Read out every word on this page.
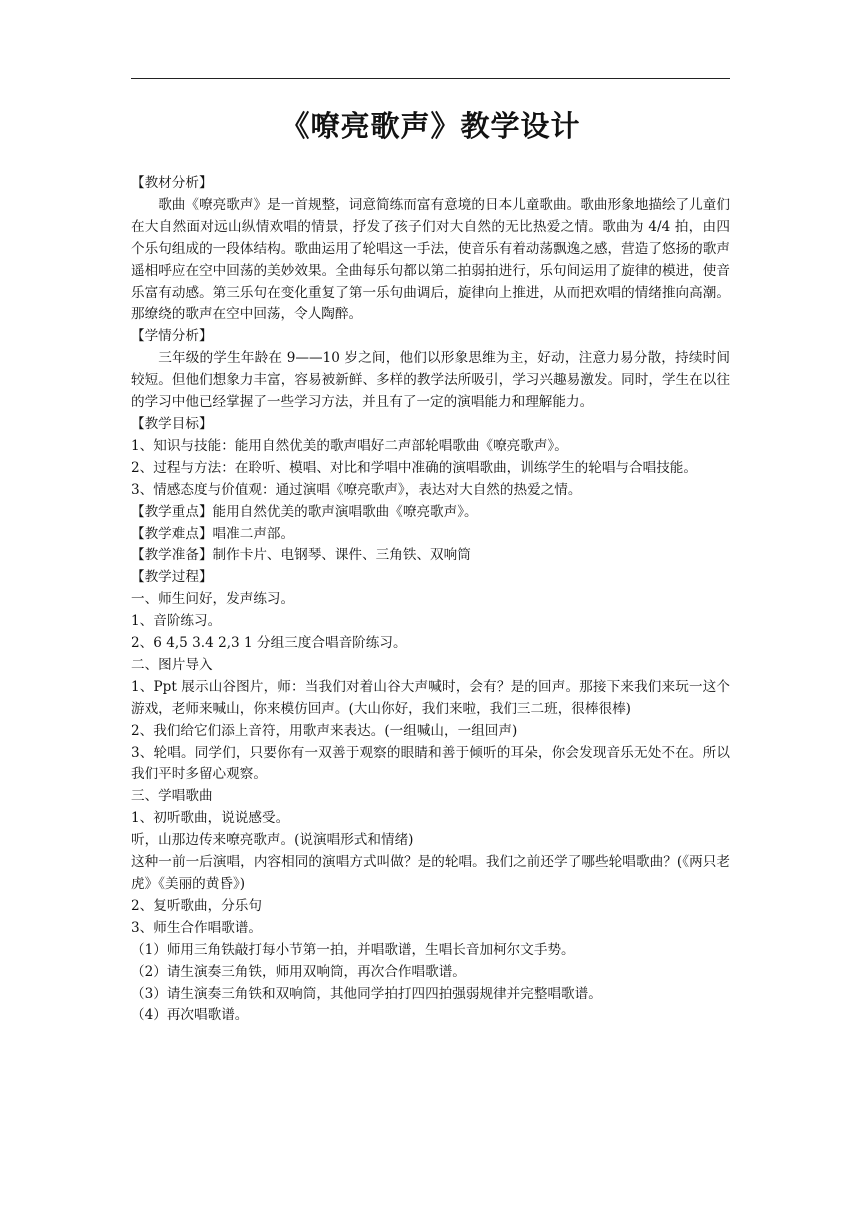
《嘹亮歌声》教学设计

【教材分析】

歌曲《嘹亮歌声》是一首规整，词意简练而富有意境的日本儿童歌曲。歌曲形象地描绘了儿童们在大自然面对远山纵情欢唱的情景，抒发了孩子们对大自然的无比热爱之情。歌曲为 4/4 拍，由四个乐句组成的一段体结构。歌曲运用了轮唱这一手法，使音乐有着动荡飘逸之感，营造了悠扬的歌声遥相呼应在空中回荡的美妙效果。全曲每乐句都以第二拍弱拍进行，乐句间运用了旋律的模进，使音乐富有动感。第三乐句在变化重复了第一乐句曲调后，旋律向上推进，从而把欢唱的情绪推向高潮。那缭绕的歌声在空中回荡，令人陶醉。

【学情分析】

三年级的学生年龄在 9——10 岁之间，他们以形象思维为主，好动，注意力易分散，持续时间较短。但他们想象力丰富，容易被新鲜、多样的教学法所吸引，学习兴趣易激发。同时，学生在以往的学习中他已经掌握了一些学习方法，并且有了一定的演唱能力和理解能力。

【教学目标】

1、知识与技能：能用自然优美的歌声唱好二声部轮唱歌曲《嘹亮歌声》。

2、过程与方法：在聆听、模唱、对比和学唱中准确的演唱歌曲，训练学生的轮唱与合唱技能。

3、情感态度与价值观：通过演唱《嘹亮歌声》，表达对大自然的热爱之情。

【教学重点】能用自然优美的歌声演唱歌曲《嘹亮歌声》。

【教学难点】唱准二声部。

【教学准备】制作卡片、电钢琴、课件、三角铁、双响筒

【教学过程】

一、师生问好，发声练习。

1、音阶练习。

2、6 4,5 3.4 2,3 1 分组三度合唱音阶练习。

二、图片导入

1、Ppt 展示山谷图片，师：当我们对着山谷大声喊时，会有？是的回声。那接下来我们来玩一这个游戏，老师来喊山，你来模仿回声。(大山你好，我们来啦，我们三二班，很棒很棒)

2、我们给它们添上音符，用歌声来表达。(一组喊山，一组回声)

3、轮唱。同学们，只要你有一双善于观察的眼睛和善于倾听的耳朵，你会发现音乐无处不在。所以我们平时多留心观察。

三、学唱歌曲

1、初听歌曲，说说感受。

听，山那边传来嘹亮歌声。(说演唱形式和情绪)

这种一前一后演唱，内容相同的演唱方式叫做？是的轮唱。我们之前还学了哪些轮唱歌曲？(《两只老虎》《美丽的黄昏》)

2、复听歌曲，分乐句

3、师生合作唱歌谱。

（1）师用三角铁敲打每小节第一拍，并唱歌谱，生唱长音加柯尔文手势。

（2）请生演奏三角铁，师用双响筒，再次合作唱歌谱。

（3）请生演奏三角铁和双响筒，其他同学拍打四四拍强弱规律并完整唱歌谱。

（4）再次唱歌谱。
